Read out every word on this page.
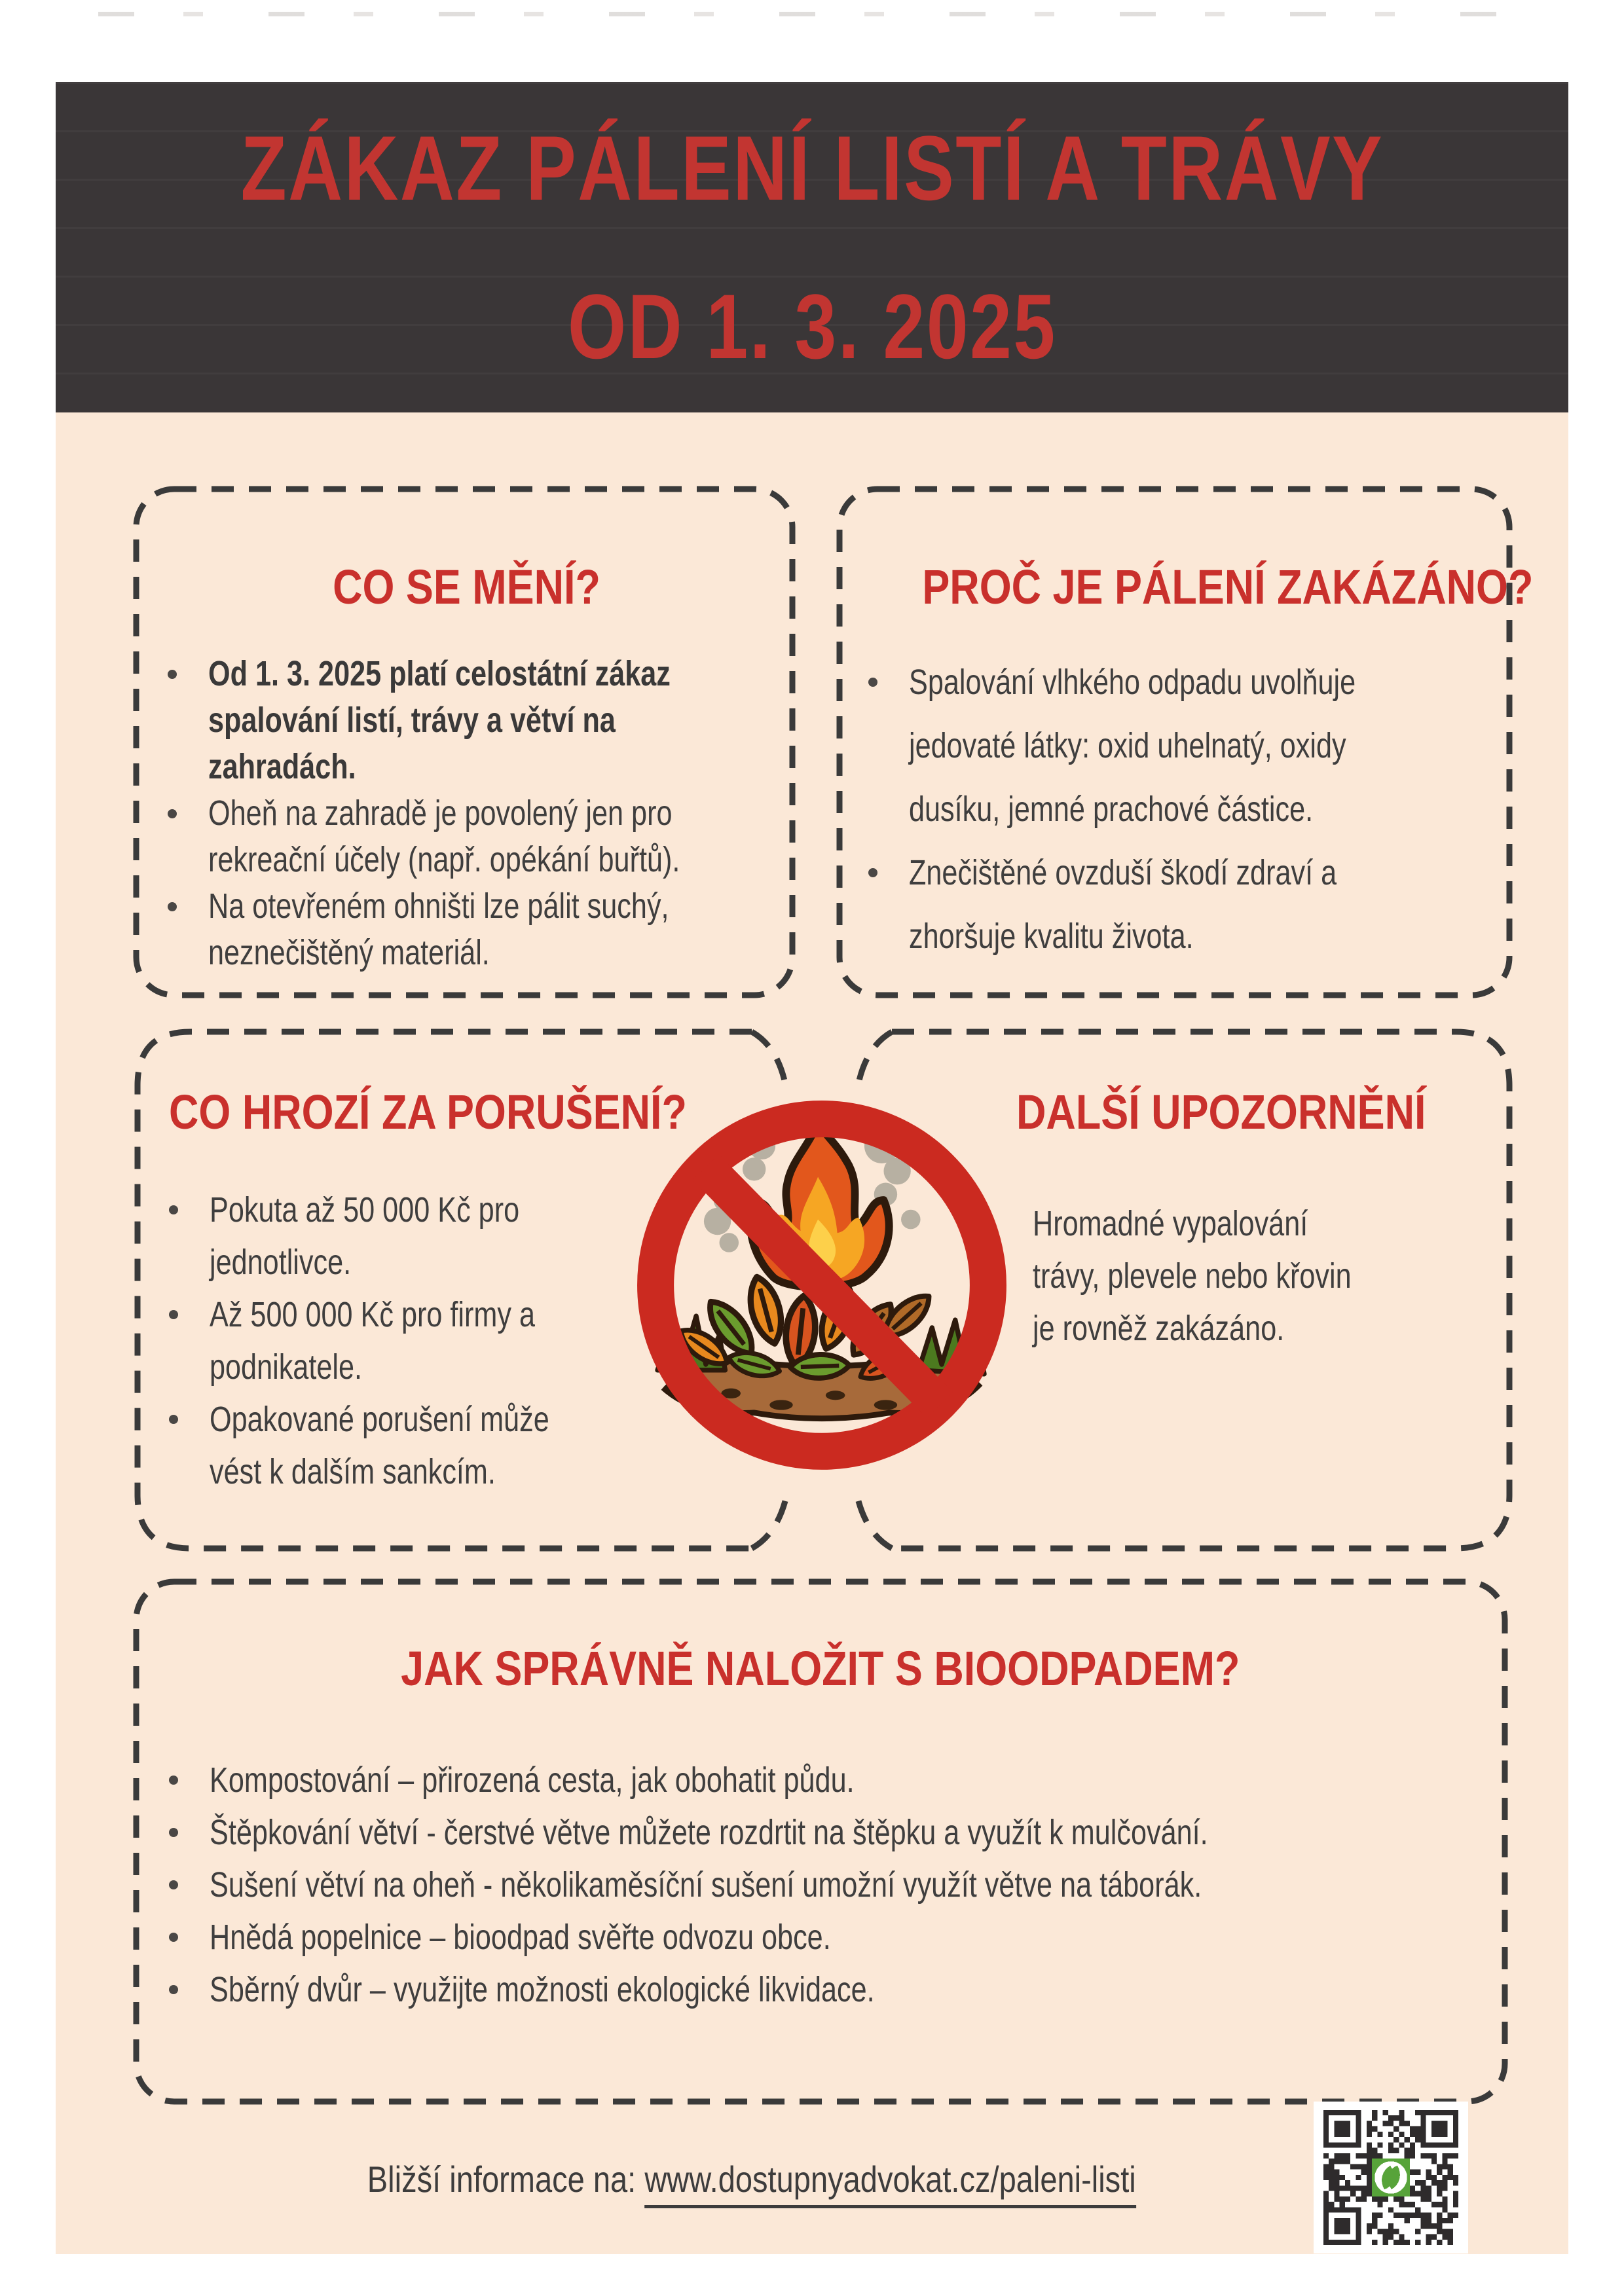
ZÁKAZ PÁLENÍ LISTÍ A TRÁVY
OD 1. 3. 2025
CO SE MĚNÍ?
Od 1. 3. 2025 platí celostátní zákaz
spalování listí, trávy a větví na
zahradách.
Oheň na zahradě je povolený jen pro
rekreační účely (např. opékání buřtů).
Na otevřeném ohništi lze pálit suchý,
neznečištěný materiál.
PROČ JE PÁLENÍ ZAKÁZÁNO?
Spalování vlhkého odpadu uvolňuje
jedovaté látky: oxid uhelnatý, oxidy
dusíku, jemné prachové částice.
Znečištěné ovzduší škodí zdraví a
zhoršuje kvalitu života.
CO HROZÍ ZA PORUŠENÍ?
Pokuta až 50 000 Kč pro
jednotlivce.
Až 500 000 Kč pro firmy a
podnikatele.
Opakované porušení může
vést k dalším sankcím.
DALŠÍ UPOZORNĚNÍ
Hromadné vypalování
trávy, plevele nebo křovin
je rovněž zakázáno.
JAK SPRÁVNĚ NALOŽIT S BIOODPADEM?
Kompostování – přirozená cesta, jak obohatit půdu.
Štěpkování větví - čerstvé větve můžete rozdrtit na štěpku a využít k mulčování.
Sušení větví na oheň - několikaměsíční sušení umožní využít větve na táborák.
Hnědá popelnice – bioodpad svěřte odvozu obce.
Sběrný dvůr – využijte možnosti ekologické likvidace.
Bližší informace na: www.dostupnyadvokat.cz/paleni-listi
